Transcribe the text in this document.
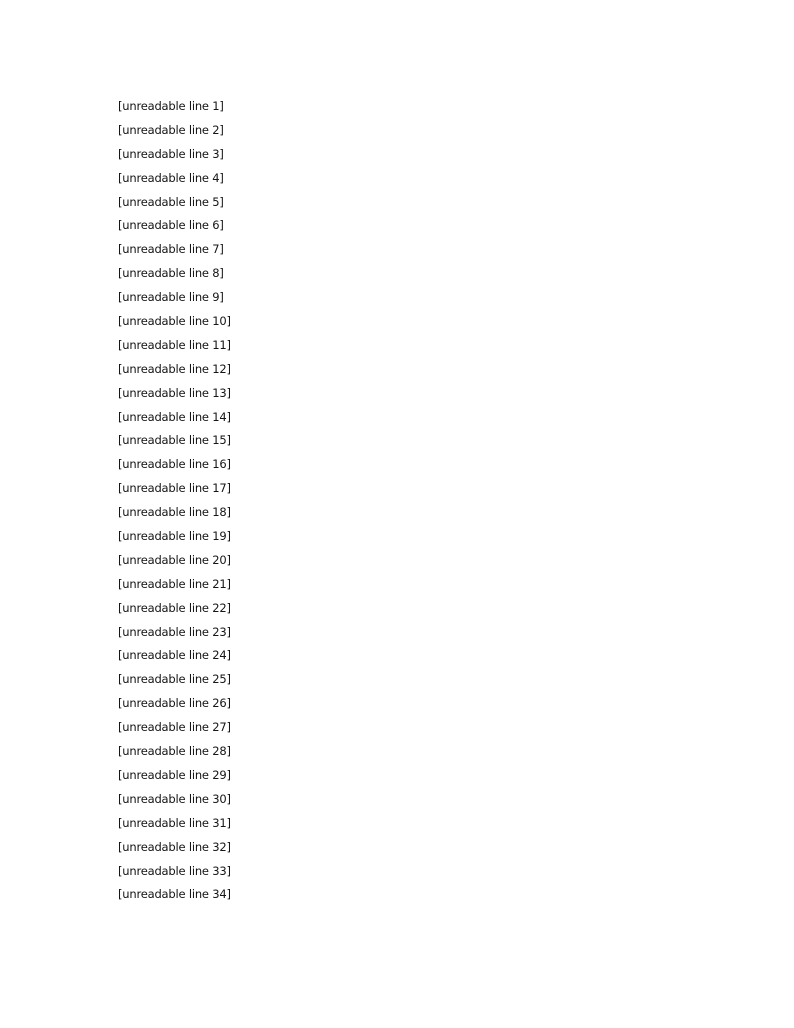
[unreadable line 1]
[unreadable line 2]
[unreadable line 3]
[unreadable line 4]
[unreadable line 5]
[unreadable line 6]
[unreadable line 7]
[unreadable line 8]
[unreadable line 9]
[unreadable line 10]
[unreadable line 11]
[unreadable line 12]
[unreadable line 13]
[unreadable line 14]
[unreadable line 15]
[unreadable line 16]
[unreadable line 17]
[unreadable line 18]
[unreadable line 19]
[unreadable line 20]
[unreadable line 21]
[unreadable line 22]
[unreadable line 23]
[unreadable line 24]
[unreadable line 25]
[unreadable line 26]
[unreadable line 27]
[unreadable line 28]
[unreadable line 29]
[unreadable line 30]
[unreadable line 31]
[unreadable line 32]
[unreadable line 33]
[unreadable line 34]
